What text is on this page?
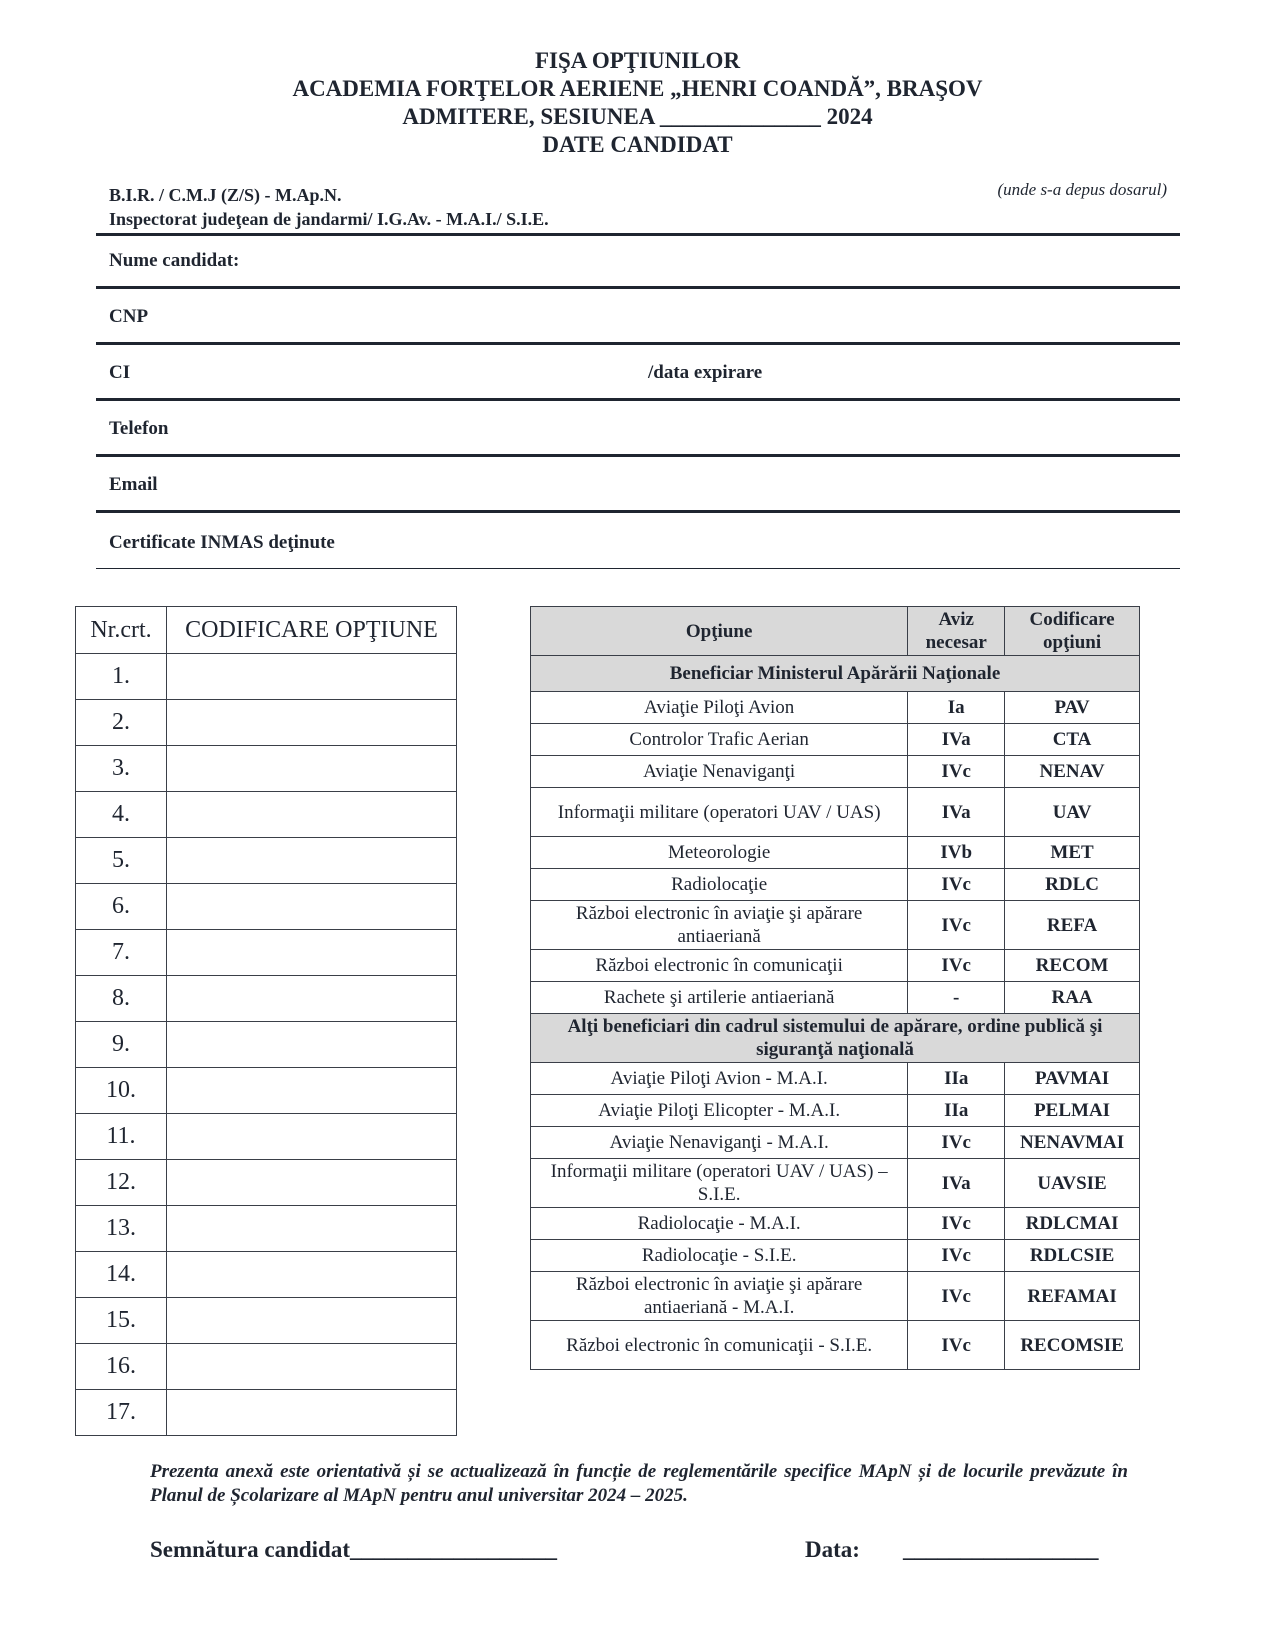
FIŞA OPŢIUNILOR
ACADEMIA FORŢELOR AERIENE „HENRI COANDĂ”, BRAŞOV
ADMITERE, SESIUNEA ______________ 2024
DATE CANDIDAT
B.I.R. / C.M.J (Z/S) - M.Ap.N.
Inspectorat judeţean de jandarmi/ I.G.Av. - M.A.I./ S.I.E.
(unde s-a depus dosarul)
Nume candidat:
CNP
CI	/data expirare
Telefon
Email
Certificate INMAS deţinute
Nr.crt.	CODIFICARE OPŢIUNE
1.	
2.	
3.	
4.	
5.	
6.	
7.	
8.	
9.	
10.	
11.	
12.	
13.	
14.	
15.	
16.	
17.	
Opţiune	Aviz necesar	Codificare opţiuni
Beneficiar Ministerul Apărării Naţionale		
Aviaţie Piloţi Avion	Ia	PAV
Controlor Trafic Aerian	IVa	CTA
Aviaţie Nenaviganţi	IVc	NENAV
Informaţii militare (operatori UAV / UAS)	IVa	UAV
Meteorologie	IVb	MET
Radiolocaţie	IVc	RDLC
Război electronic în aviaţie şi apărare antiaeriană	IVc	REFA
Război electronic în comunicaţii	IVc	RECOM
Rachete şi artilerie antiaeriană	-	RAA
Alţi beneficiari din cadrul sistemului de apărare, ordine publică şi siguranţă naţională		
Aviaţie Piloţi Avion - M.A.I.	IIa	PAVMAI
Aviaţie Piloţi Elicopter - M.A.I.	IIa	PELMAI
Aviaţie Nenaviganţi - M.A.I.	IVc	NENAVMAI
Informaţii militare (operatori UAV / UAS) – S.I.E.	IVa	UAVSIE
Radiolocaţie - M.A.I.	IVc	RDLCMAI
Radiolocaţie - S.I.E.	IVc	RDLCSIE
Război electronic în aviaţie şi apărare antiaeriană - M.A.I.	IVc	REFAMAI
Război electronic în comunicaţii - S.I.E.	IVc	RECOMSIE
Prezenta anexă este orientativă și se actualizează în funcție de reglementările specifice MApN și de locurile prevăzute în Planul de Școlarizare al MApN pentru anul universitar 2024 – 2025.
Semnătura candidat__________________	Data: _________________
